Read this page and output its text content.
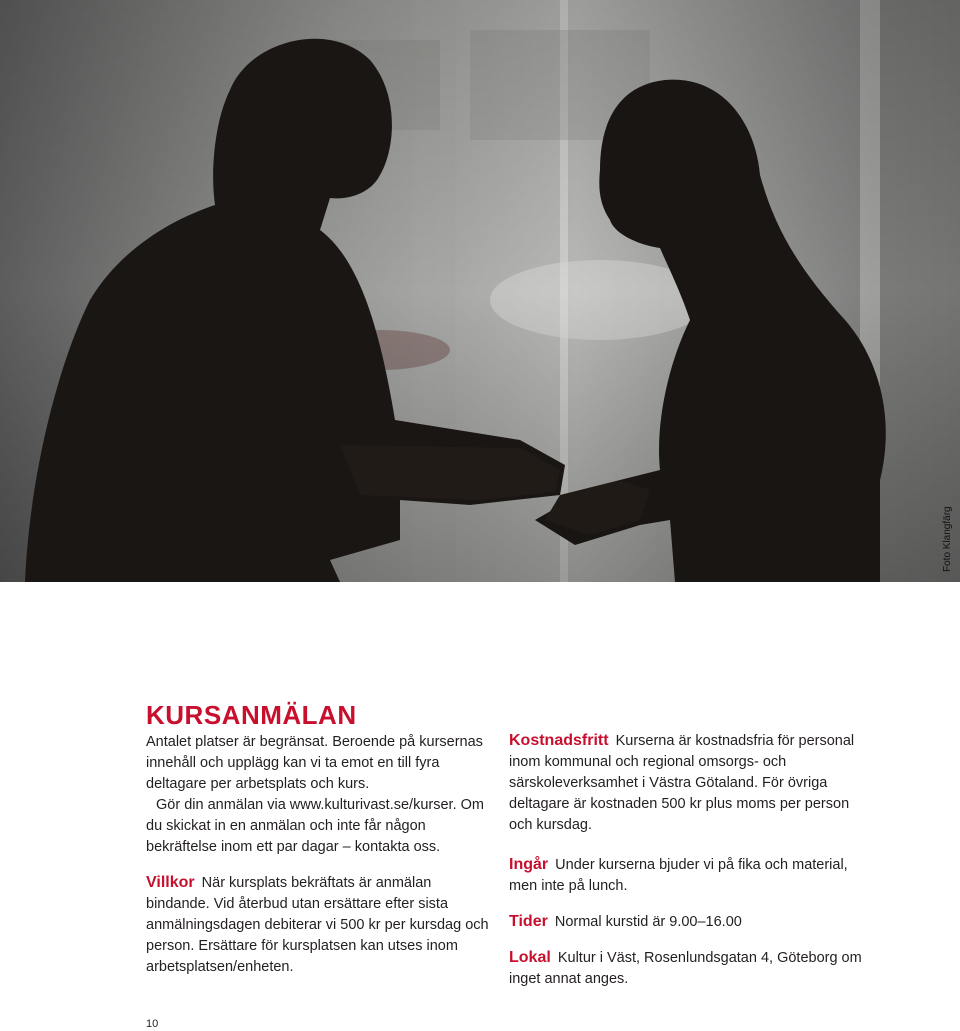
Foto Klangfärg
KURSANMÄLAN

Antalet platser är begränsat. Beroende på kursernas innehåll och upplägg kan vi ta emot en till fyra deltagare per arbetsplats och kurs.

Gör din anmälan via www.kulturivast.se/kurser. Om du skickat in en anmälan och inte får någon bekräftelse inom ett par dagar – kontakta oss.

Villkor När kursplats bekräftats är anmälan bindande. Vid återbud utan ersättare efter sista anmälningsdagen debiterar vi 500 kr per kursdag och person. Ersättare för kursplatsen kan utses inom arbetsplatsen/enheten.

Kostnadsfritt Kurserna är kostnadsfria för personal inom kommunal och regional omsorgs- och särskoleverksamhet i Västra Götaland. För övriga deltagare är kostnaden 500 kr plus moms per person och kursdag.

Ingår Under kurserna bjuder vi på fika och material, men inte på lunch.

Tider Normal kurstid är 9.00–16.00

Lokal Kultur i Väst, Rosenlundsgatan 4, Göteborg om inget annat anges.

10
